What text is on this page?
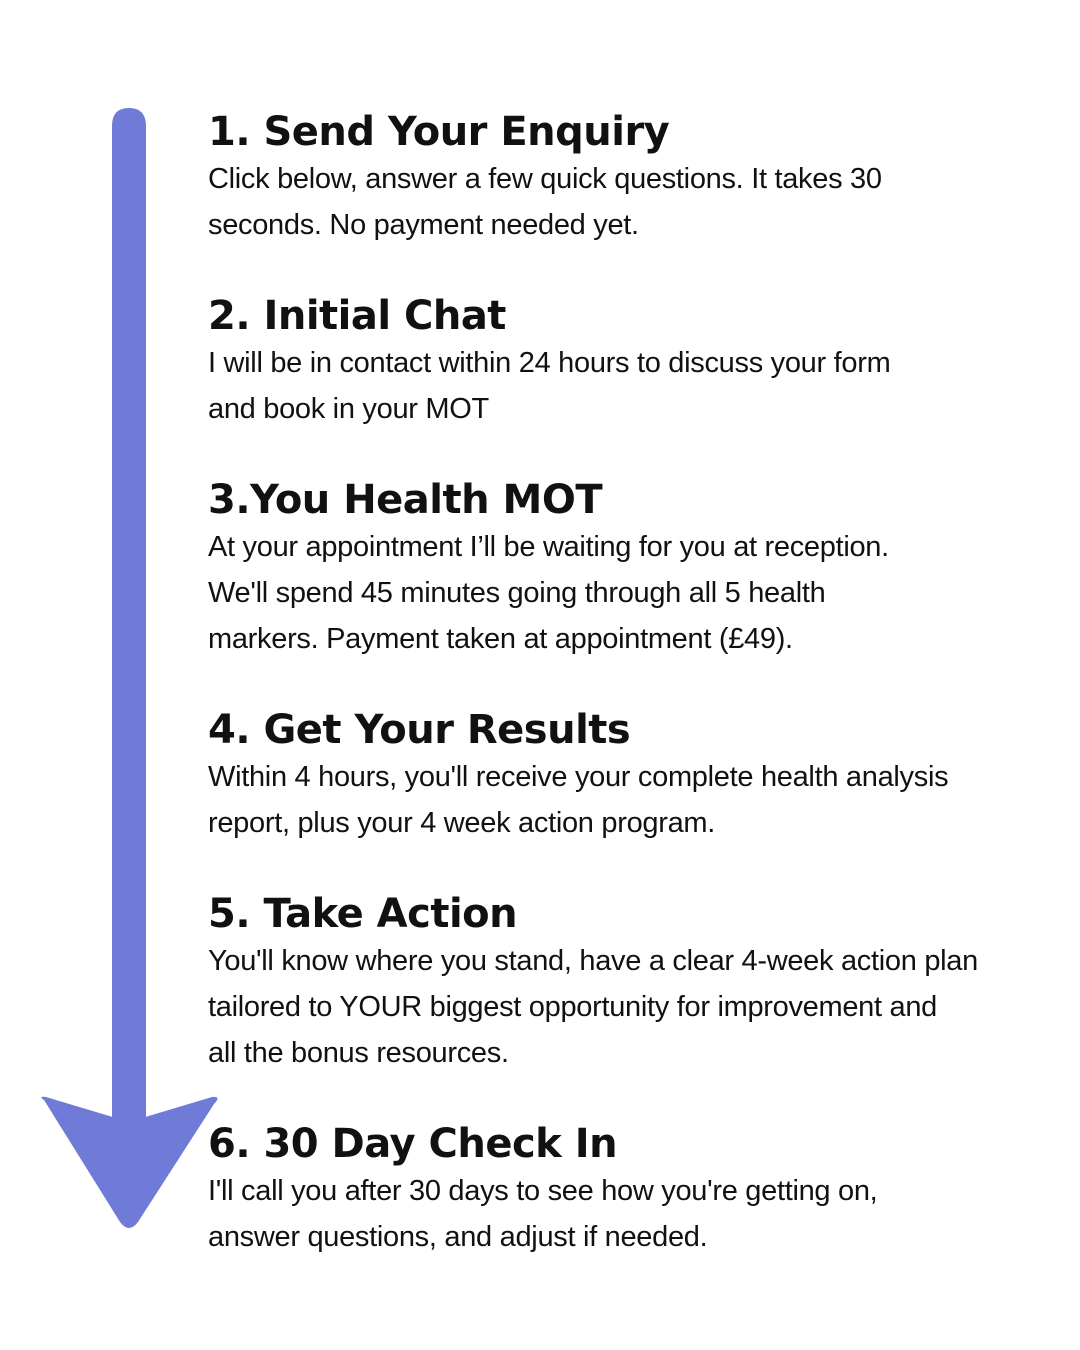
1. Send Your Enquiry

Click below, answer a few quick questions. It takes 30
seconds. No payment needed yet.

2. Initial Chat

I will be in contact within 24 hours to discuss your form
and book in your MOT

3.You Health MOT

At your appointment I’ll be waiting for you at reception.
We'll spend 45 minutes going through all 5 health
markers. Payment taken at appointment (£49).

4. Get Your Results

Within 4 hours, you'll receive your complete health analysis
report, plus your 4 week action program.

5. Take Action

You'll know where you stand, have a clear 4-week action plan
tailored to YOUR biggest opportunity for improvement and
all the bonus resources.

6. 30 Day Check In

I'll call you after 30 days to see how you're getting on,
answer questions, and adjust if needed.
